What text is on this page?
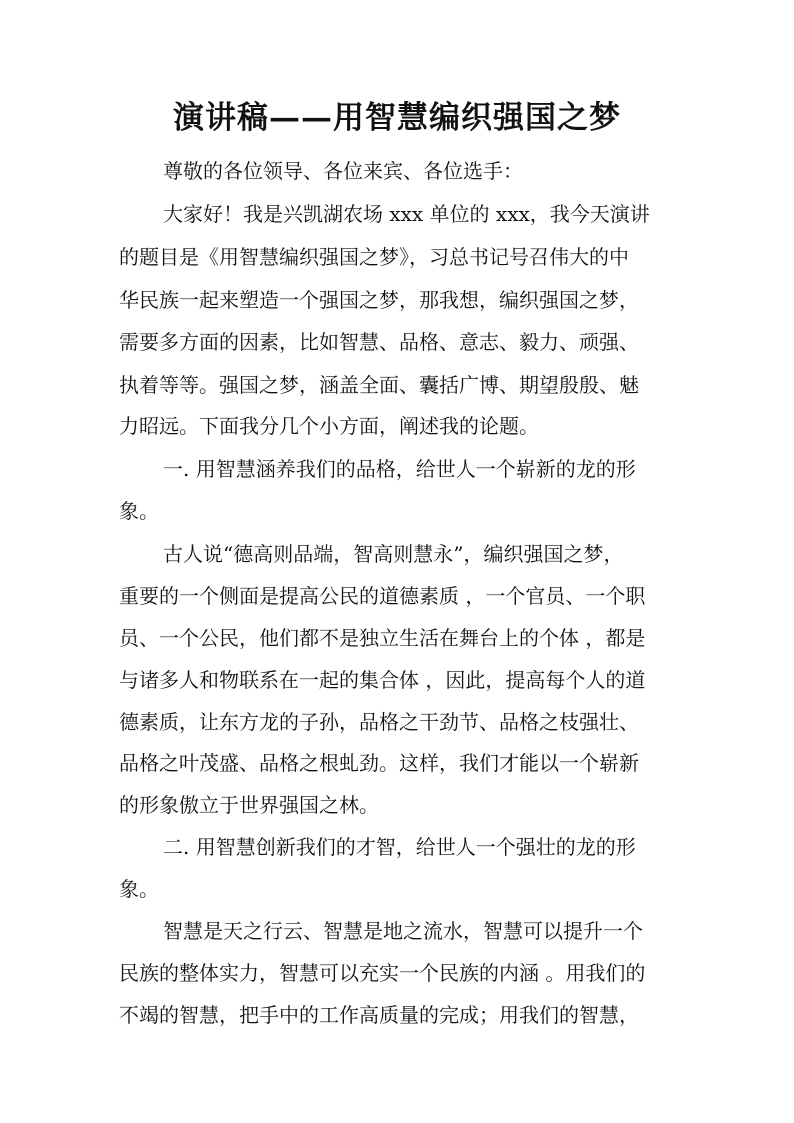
演讲稿——用智慧编织强国之梦

尊敬的各位领导、各位来宾、各位选手：

大家好！我是兴凯湖农场 xxx 单位的 xxx，我今天演讲

的题目是《用智慧编织强国之梦》，习总书记号召伟大的中

华民族一起来塑造一个强国之梦，那我想，编织强国之梦，

需要多方面的因素，比如智慧、品格、意志、毅力、顽强、

执着等等。强国之梦，涵盖全面、囊括广博、期望殷殷、魅

力昭远。下面我分几个小方面，阐述我的论题。

一. 用智慧涵养我们的品格，给世人一个崭新的龙的形

象。

古人说“德高则品端，智高则慧永”，编织强国之梦，

重要的一个侧面是提高公民的道德素质 ，一个官员、一个职

员、一个公民，他们都不是独立生活在舞台上的个体 ，都是

与诸多人和物联系在一起的集合体 ，因此，提高每个人的道

德素质，让东方龙的子孙，品格之干劲节、品格之枝强壮、

品格之叶茂盛、品格之根虬劲。这样，我们才能以一个崭新

的形象傲立于世界强国之林。

二. 用智慧创新我们的才智，给世人一个强壮的龙的形

象。

智慧是天之行云、智慧是地之流水，智慧可以提升一个

民族的整体实力，智慧可以充实一个民族的内涵 。用我们的

不竭的智慧，把手中的工作高质量的完成；用我们的智慧，
